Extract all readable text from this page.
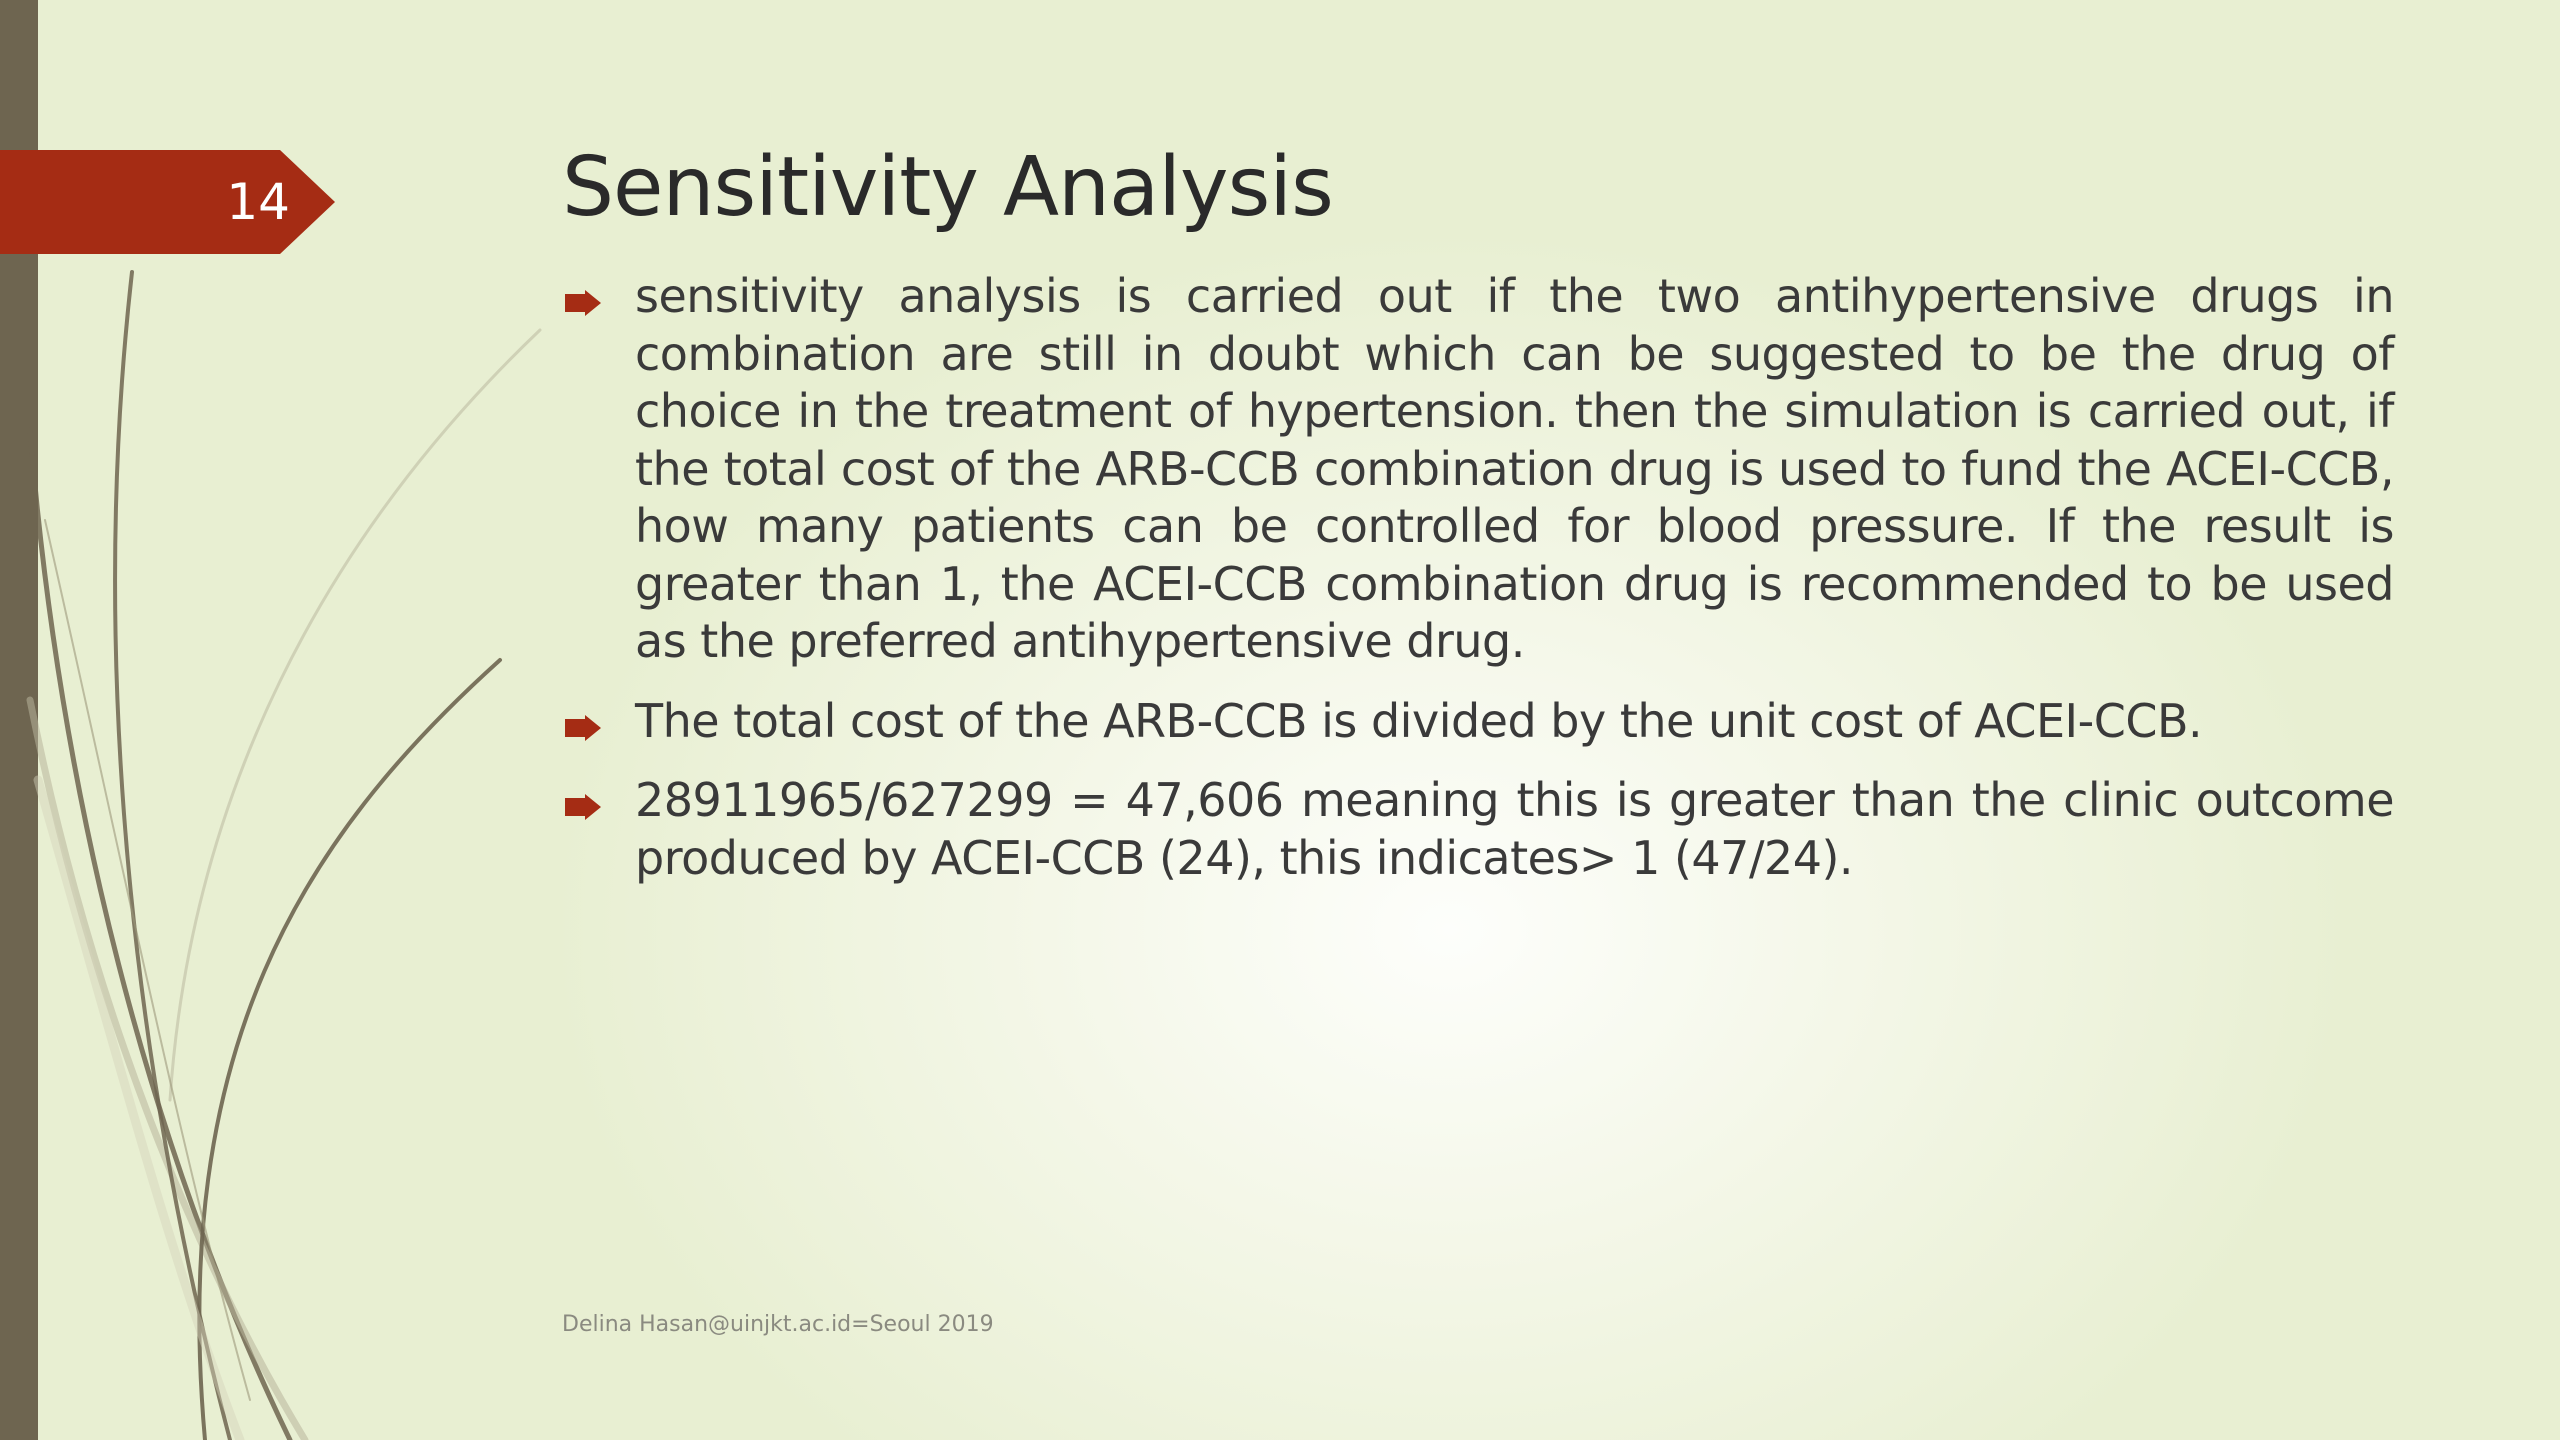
14	Sensitivity Analysis
sensitivity analysis is carried out if the two antihypertensive drugs in combination are still in doubt which can be suggested to be the drug of choice in the treatment of hypertension. then the simulation is carried out, if the total cost of the ARB-CCB combination drug is used to fund the ACEI-CCB, how many patients can be controlled for blood pressure. If the result is greater than 1, the ACEI-CCB combination drug is recommended to be used as the preferred antihypertensive drug.
The total cost of the ARB-CCB is divided by the unit cost of ACEI-CCB.
28911965/627299 = 47,606 meaning this is greater than the clinic outcome produced by ACEI-CCB (24), this indicates> 1 (47/24).
Delina Hasan@uinjkt.ac.id=Seoul 2019
